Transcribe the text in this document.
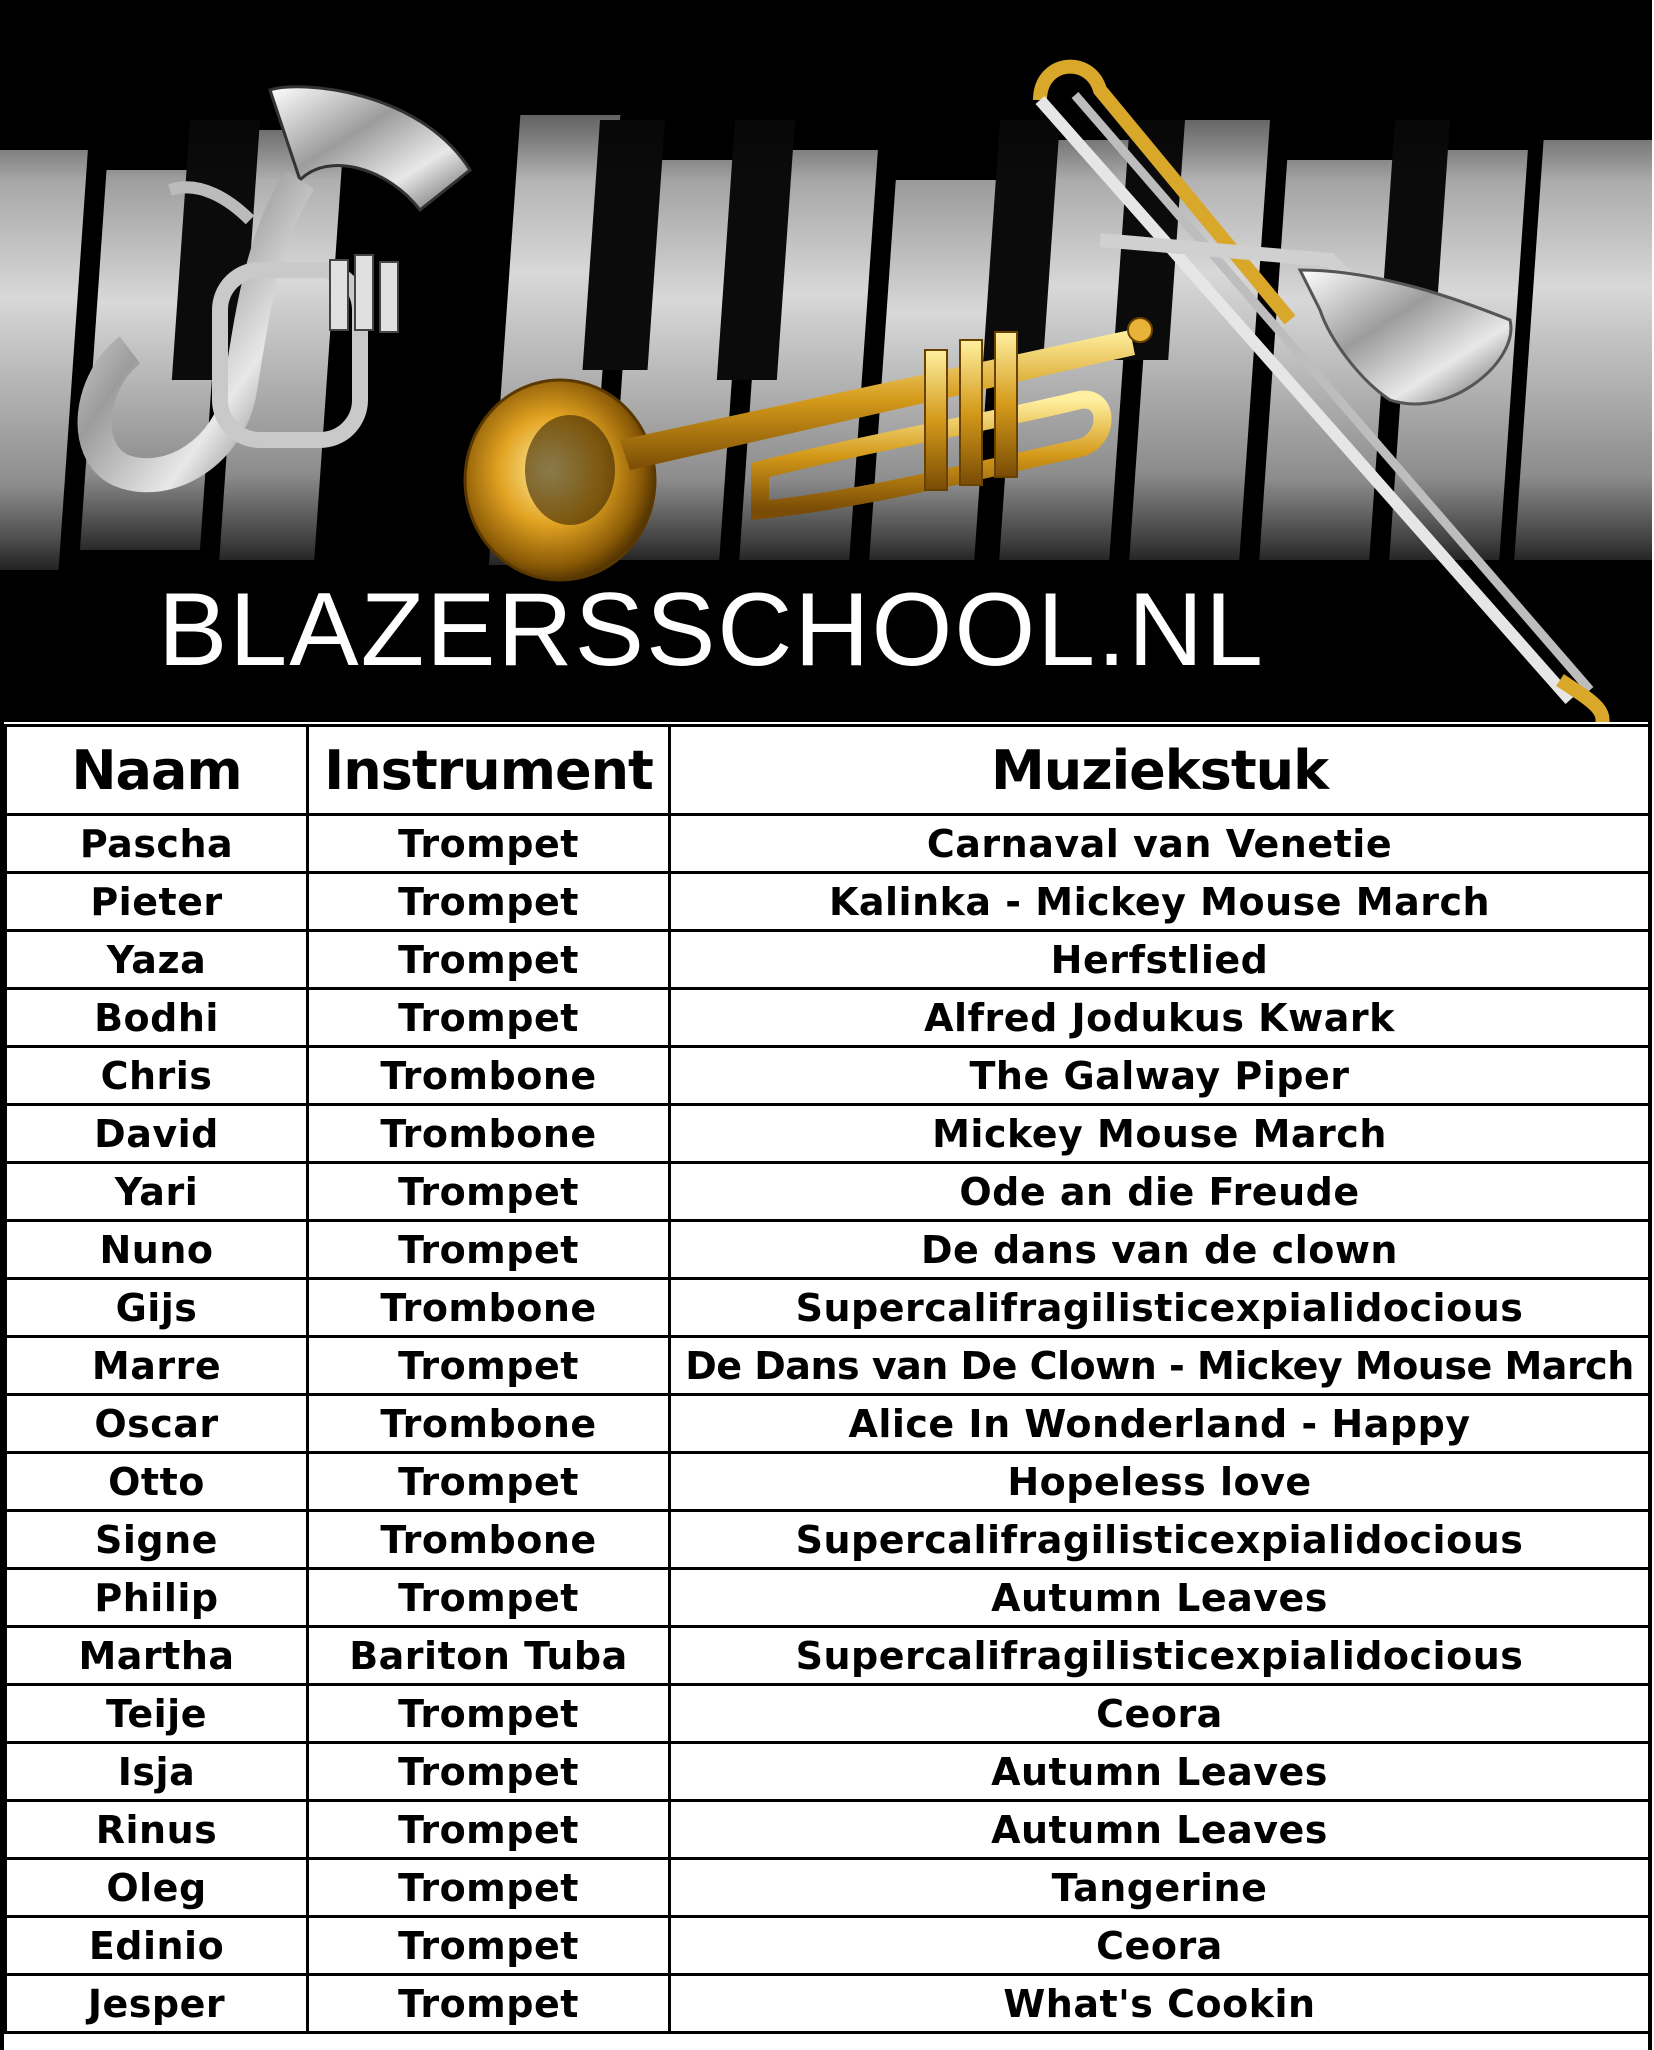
BLAZERSSCHOOL.NL
Naam	Instrument	Muziekstuk
Pascha	Trompet	Carnaval van Venetie
Pieter	Trompet	Kalinka - Mickey Mouse March
Yaza	Trompet	Herfstlied
Bodhi	Trompet	Alfred Jodukus Kwark
Chris	Trombone	The Galway Piper
David	Trombone	Mickey Mouse March
Yari	Trompet	Ode an die Freude
Nuno	Trompet	De dans van de clown
Gijs	Trombone	Supercalifragilisticexpialidocious
Marre	Trompet	De Dans van De Clown - Mickey Mouse March
Oscar	Trombone	Alice In Wonderland - Happy
Otto	Trompet	Hopeless love
Signe	Trombone	Supercalifragilisticexpialidocious
Philip	Trompet	Autumn Leaves
Martha	Bariton Tuba	Supercalifragilisticexpialidocious
Teije	Trompet	Ceora
Isja	Trompet	Autumn Leaves
Rinus	Trompet	Autumn Leaves
Oleg	Trompet	Tangerine
Edinio	Trompet	Ceora
Jesper	Trompet	What's Cookin
